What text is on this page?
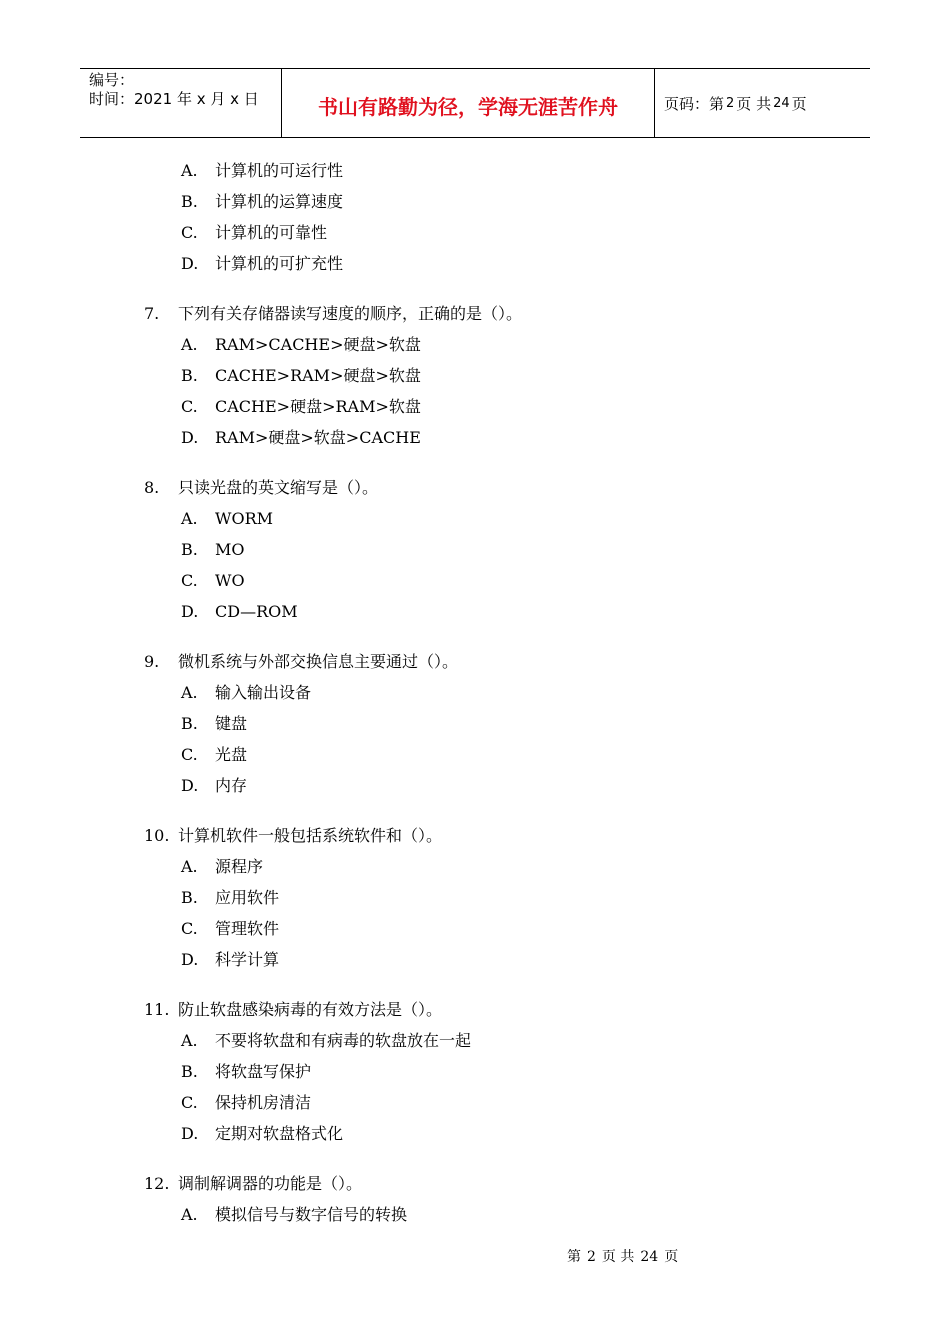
编号：
时间：2021 年 x 月 x 日	书山有路勤为径，学海无涯苦作舟	页码：第 2 页 共 24 页
A. 计算机的可运行性
B. 计算机的运算速度
C. 计算机的可靠性
D. 计算机的可扩充性
7. 下列有关存储器读写速度的顺序，正确的是（）。
A. RAM>CACHE>硬盘>软盘
B. CACHE>RAM>硬盘>软盘
C. CACHE>硬盘>RAM>软盘
D. RAM>硬盘>软盘>CACHE
8. 只读光盘的英文缩写是（）。
A. WORM
B. MO
C. WO
D. CD—ROM
9. 微机系统与外部交换信息主要通过（）。
A. 输入输出设备
B. 键盘
C. 光盘
D. 内存
10. 计算机软件一般包括系统软件和（）。
A. 源程序
B. 应用软件
C. 管理软件
D. 科学计算
11. 防止软盘感染病毒的有效方法是（）。
A. 不要将软盘和有病毒的软盘放在一起
B. 将软盘写保护
C. 保持机房清洁
D. 定期对软盘格式化
12. 调制解调器的功能是（）。
A. 模拟信号与数字信号的转换
第 2 页 共 24 页
